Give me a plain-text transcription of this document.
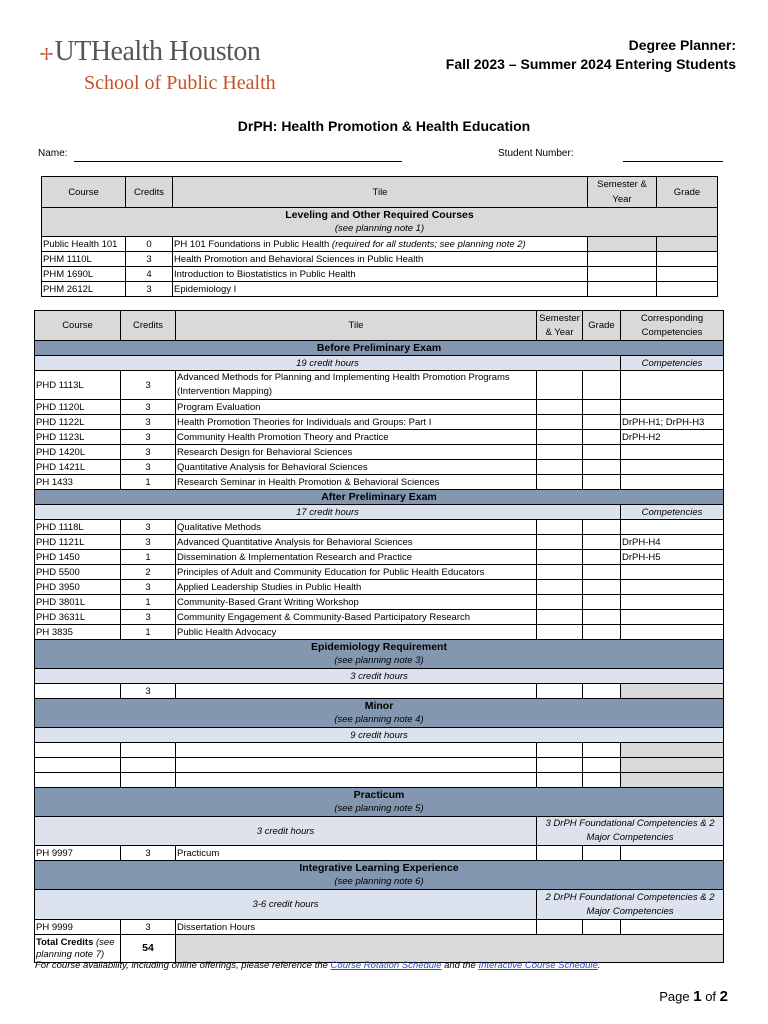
⧾ UTHealth Houston
School of Public Health
Degree Planner:
Fall 2023 – Summer 2024 Entering Students
DrPH: Health Promotion & Health Education
Name:	Student Number:
Course	Credits	Tile	Semester & Year	Grade

Leveling and Other Required Courses
(see planning note 1)				

Public Health 101	0	PH 101 Foundations in Public Health (required for all students; see planning note 2)		
PHM 1110L	3	Health Promotion and Behavioral Sciences in Public Health		
PHM 1690L	4	Introduction to Biostatistics in Public Health		
PHM 2612L	3	Epidemiology I		
Course	Credits	Tile	Semester & Year	Grade	Corresponding Competencies
Before Preliminary Exam					
19 credit hours					Competencies
PHD 1113L	3	Advanced Methods for Planning and Implementing Health Promotion Programs (Intervention Mapping)			
PHD 1120L	3	Program Evaluation			
PHD 1122L	3	Health Promotion Theories for Individuals and Groups: Part I			DrPH-H1; DrPH-H3
PHD 1123L	3	Community Health Promotion Theory and Practice			DrPH-H2
PHD 1420L	3	Research Design for Behavioral Sciences			
PHD 1421L	3	Quantitative Analysis for Behavioral Sciences			
PH 1433	1	Research Seminar in Health Promotion & Behavioral Sciences			
After Preliminary Exam					
17 credit hours					Competencies
PHD 1118L	3	Qualitative Methods			
PHD 1121L	3	Advanced Quantitative Analysis for Behavioral Sciences			DrPH-H4
PHD 1450	1	Dissemination & Implementation Research and Practice			DrPH-H5
PHD 5500	2	Principles of Adult and Community Education for Public Health Educators			
PHD 3950	3	Applied Leadership Studies in Public Health			
PHD 3801L	1	Community-Based Grant Writing Workshop			
PHD 3631L	3	Community Engagement & Community-Based Participatory Research			
PH 3835	1	Public Health Advocacy			

Epidemiology Requirement
(see planning note 3)					

3 credit hours					
	3				

Minor
(see planning note 4)					

9 credit hours					

Practicum
(see planning note 5)					

3 credit hours			3 DrPH Foundational Competencies & 2 Major Competencies		
PH 9997	3	Practicum			

Integrative Learning Experience
(see planning note 6)					

3-6 credit hours			2 DrPH Foundational Competencies & 2 Major Competencies		
PH 9999	3	Dissertation Hours			
Total Credits (see planning note 7)	54				
For course availability, including online offerings, please reference the Course Rotation Schedule and the Interactive Course Schedule.
Page 1 of 2
